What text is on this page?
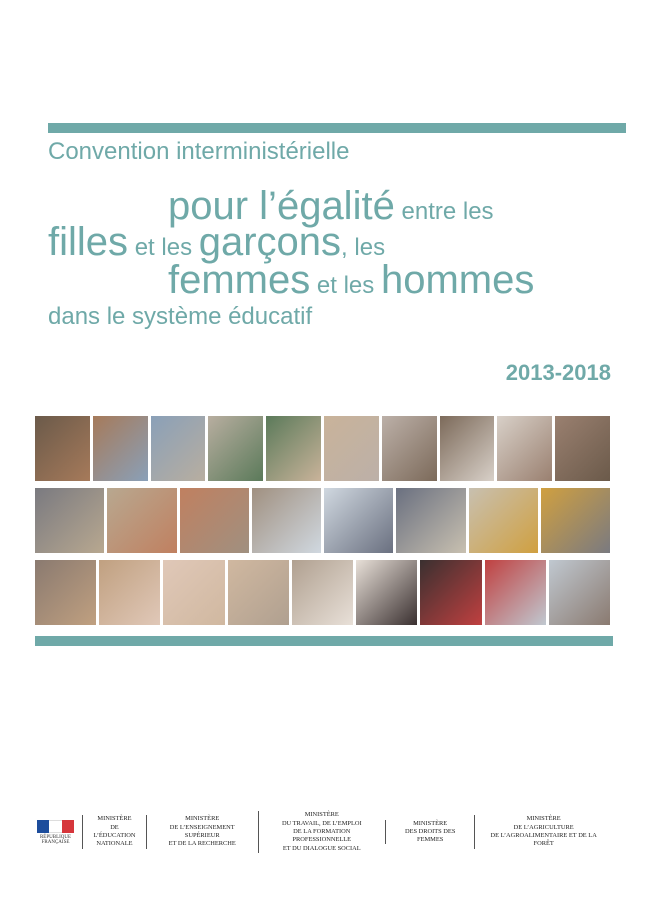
Convention interministérielle
pour l’égalité entre les
filles et les garçons, les
femmes et les hommes
dans le système éducatif
2013-2018
RÉPUBLIQUE FRANÇAISE
MINISTÈRE
DE L’ÉDUCATION
NATIONALE
MINISTÈRE
DE L’ENSEIGNEMENT SUPÉRIEUR
ET DE LA RECHERCHE
MINISTÈRE
DU TRAVAIL, DE L’EMPLOI
DE LA FORMATION PROFESSIONNELLE
ET DU DIALOGUE SOCIAL
MINISTÈRE
DES DROITS DES FEMMES
MINISTÈRE
DE L’AGRICULTURE
DE L’AGROALIMENTAIRE ET DE LA FORÊT
